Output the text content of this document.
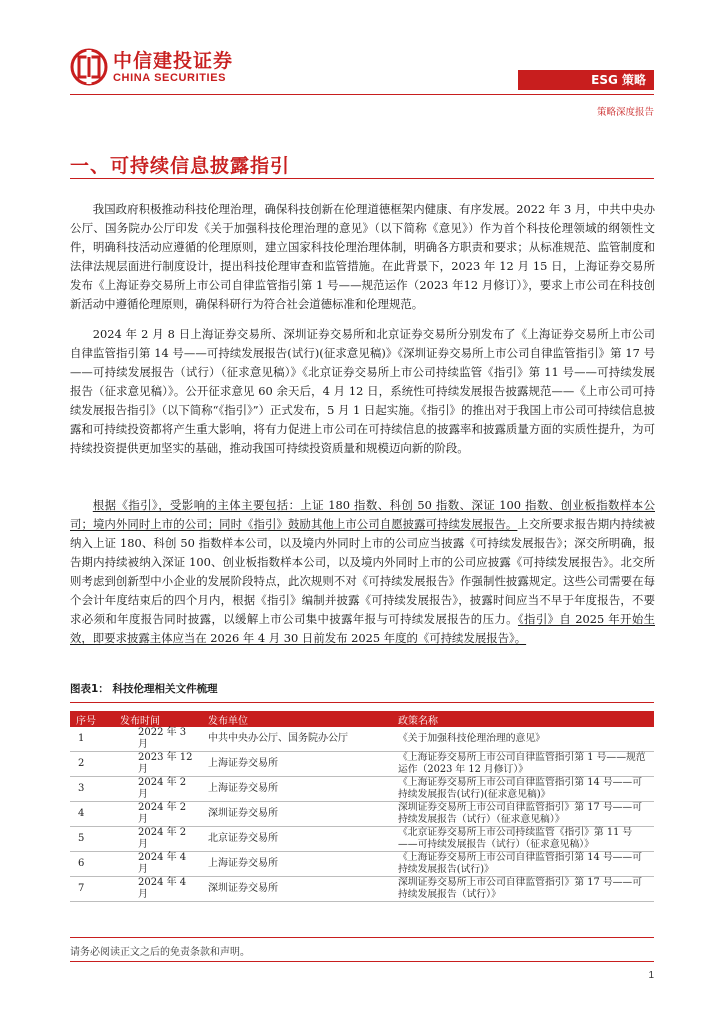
中信建投证券
CHINA SECURITIES	ESG 策略
策略深度报告
一、可持续信息披露指引

我国政府积极推动科技伦理治理，确保科技创新在伦理道德框架内健康、有序发展。2022 年 3 月，中共中央办公厅、国务院办公厅印发《关于加强科技伦理治理的意见》（以下简称《意见》）作为首个科技伦理领域的纲领性文件，明确科技活动应遵循的伦理原则，建立国家科技伦理治理体制，明确各方职责和要求；从标准规范、监管制度和法律法规层面进行制度设计，提出科技伦理审查和监管措施。在此背景下，2023 年 12 月 15 日，上海证券交易所发布《上海证券交易所上市公司自律监管指引第 1 号——规范运作（2023 年12 月修订）》，要求上市公司在科技创新活动中遵循伦理原则，确保科研行为符合社会道德标准和伦理规范。

2024 年 2 月 8 日上海证券交易所、深圳证券交易所和北京证券交易所分别发布了《上海证券交易所上市公司自律监管指引第 14 号——可持续发展报告(试行)(征求意见稿)》《深圳证券交易所上市公司自律监管指引》第 17 号——可持续发展报告（试行）（征求意见稿）》《北京证券交易所上市公司持续监管《指引》第 11 号——可持续发展报告（征求意见稿）》。公开征求意见 60 余天后，4 月 12 日，系统性可持续发展报告披露规范——《上市公司可持续发展报告指引》（以下简称“《指引》”）正式发布，5 月 1 日起实施。《指引》的推出对于我国上市公司可持续信息披露和可持续投资都将产生重大影响，将有力促进上市公司在可持续信息的披露率和披露质量方面的实质性提升，为可持续投资提供更加坚实的基础，推动我国可持续投资质量和规模迈向新的阶段。

根据《指引》，受影响的主体主要包括：上证 180 指数、科创 50 指数、深证 100 指数、创业板指数样本公司；境内外同时上市的公司；同时《指引》鼓励其他上市公司自愿披露可持续发展报告。上交所要求报告期内持续被纳入上证 180、科创 50 指数样本公司，以及境内外同时上市的公司应当披露《可持续发展报告》；深交所明确，报告期内持续被纳入深证 100、创业板指数样本公司，以及境内外同时上市的公司应披露《可持续发展报告》。北交所则考虑到创新型中小企业的发展阶段特点，此次规则不对《可持续发展报告》作强制性披露规定。这些公司需要在每个会计年度结束后的四个月内，根据《指引》编制并披露《可持续发展报告》，披露时间应当不早于年度报告，不要求必须和年度报告同时披露，以缓解上市公司集中披露年报与可持续发展报告的压力。《指引》自 2025 年开始生效，即要求披露主体应当在 2026 年 4 月 30 日前发布 2025 年度的《可持续发展报告》。

图表1： 科技伦理相关文件梳理
序号	发布时间	发布单位	政策名称
1	2022 年 3 月	中共中央办公厅、国务院办公厅	《关于加强科技伦理治理的意见》
2	2023 年 12 月	上海证券交易所	《上海证券交易所上市公司自律监管指引第 1 号——规范运作（2023 年 12 月修订）》
3	2024 年 2 月	上海证券交易所	《上海证券交易所上市公司自律监管指引第 14 号——可持续发展报告(试行)(征求意见稿)》
4	2024 年 2 月	深圳证券交易所	深圳证券交易所上市公司自律监管指引》第 17 号——可持续发展报告（试行）（征求意见稿）》
5	2024 年 2 月	北京证券交易所	《北京证券交易所上市公司持续监管《指引》第 11 号——可持续发展报告（试行）（征求意见稿）》
6	2024 年 4 月	上海证券交易所	《上海证券交易所上市公司自律监管指引第 14 号——可持续发展报告(试行)》
7	2024 年 4 月	深圳证券交易所	深圳证券交易所上市公司自律监管指引》第 17 号——可持续发展报告（试行）》
请务必阅读正文之后的免责条款和声明。
1
